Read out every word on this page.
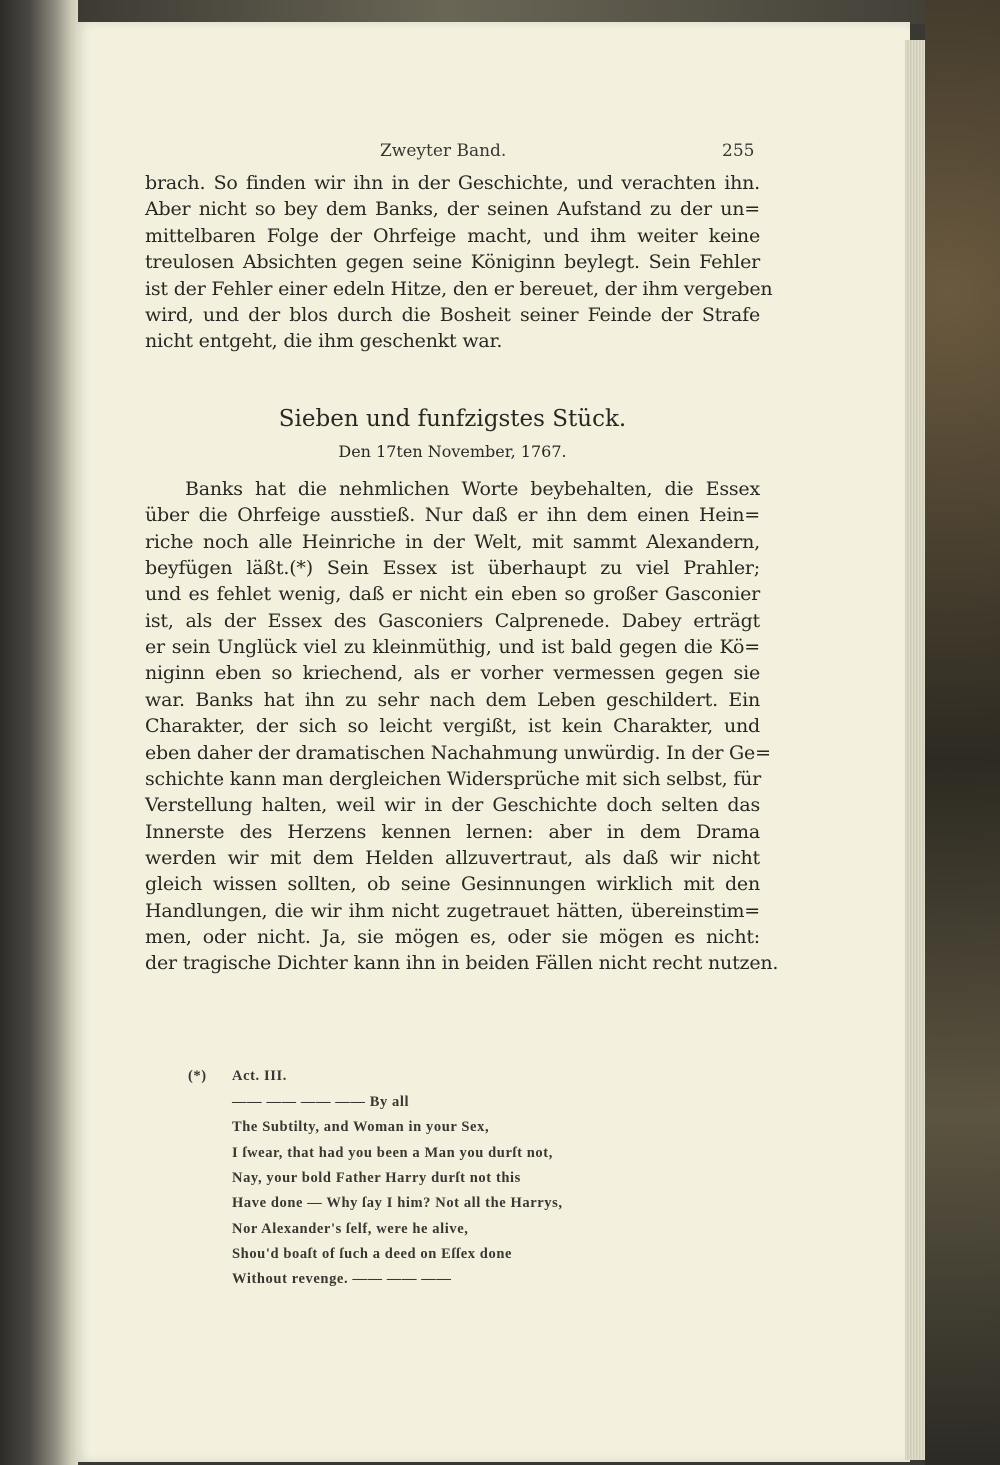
Zweyter Band.	255
brach. So finden wir ihn in der Geschichte, und verachten ihn.
Aber nicht so bey dem Banks, der seinen Aufstand zu der un=
mittelbaren Folge der Ohrfeige macht, und ihm weiter keine
treulosen Absichten gegen seine Königinn beylegt. Sein Fehler
ist der Fehler einer edeln Hitze, den er bereuet, der ihm vergeben
wird, und der blos durch die Bosheit seiner Feinde der Strafe
nicht entgeht, die ihm geschenkt war.
Sieben und funfzigstes Stück.
Den 17ten November, 1767.
Banks hat die nehmlichen Worte beybehalten, die Essex
über die Ohrfeige ausstieß. Nur daß er ihn dem einen Hein=
riche noch alle Heinriche in der Welt, mit sammt Alexandern,
beyfügen läßt.(*) Sein Essex ist überhaupt zu viel Prahler;
und es fehlet wenig, daß er nicht ein eben so großer Gasconier
ist, als der Essex des Gasconiers Calprenede. Dabey erträgt
er sein Unglück viel zu kleinmüthig, und ist bald gegen die Kö=
niginn eben so kriechend, als er vorher vermessen gegen sie
war. Banks hat ihn zu sehr nach dem Leben geschildert. Ein
Charakter, der sich so leicht vergißt, ist kein Charakter, und
eben daher der dramatischen Nachahmung unwürdig. In der Ge=
schichte kann man dergleichen Widersprüche mit sich selbst, für
Verstellung halten, weil wir in der Geschichte doch selten das
Innerste des Herzens kennen lernen: aber in dem Drama
werden wir mit dem Helden allzuvertraut, als daß wir nicht
gleich wissen sollten, ob seine Gesinnungen wirklich mit den
Handlungen, die wir ihm nicht zugetrauet hätten, übereinstim=
men, oder nicht. Ja, sie mögen es, oder sie mögen es nicht:
der tragische Dichter kann ihn in beiden Fällen nicht recht nutzen.
(*) Act. III.
—— —— —— —— By all
The Subtilty, and Woman in your Sex,
I ſwear, that had you been a Man you durſt not,
Nay, your bold Father Harry durſt not this
Have done — Why ſay I him? Not all the Harrys,
Nor Alexander's ſelf, were he alive,
Shou'd boaſt of ſuch a deed on Eſſex done
Without revenge. —— —— ——
